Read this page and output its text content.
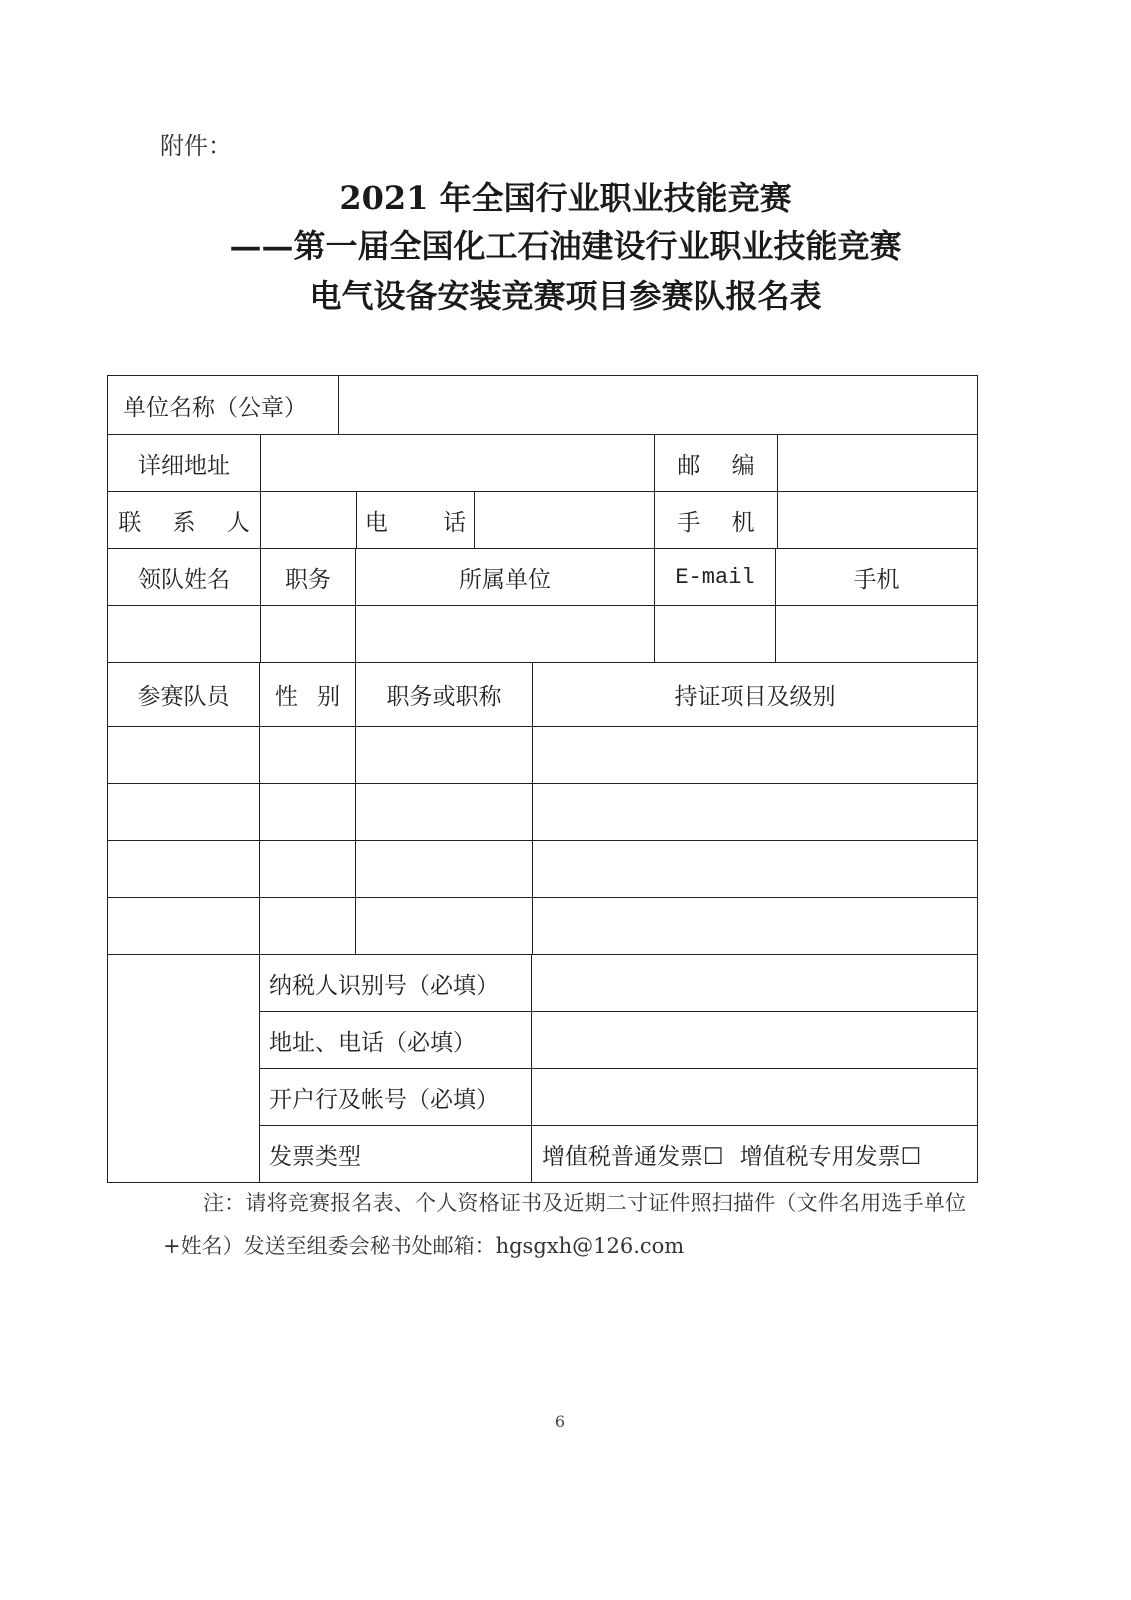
附件：
2021 年全国行业职业技能竞赛
——第一届全国化工石油建设行业职业技能竞赛
电气设备安装竞赛项目参赛队报名表
单位名称（公章）
详细地址	邮 编
联 系 人	电 话	手 机
领队姓名	职务	所属单位	E-mail	手机
参赛队员	性 别	职务或职称	持证项目及级别
纳税人识别号（必填）
地址、电话（必填）
开户行及帐号（必填）
发票类型	增值税普通发票☐ 增值税专用发票☐
注：请将竞赛报名表、个人资格证书及近期二寸证件照扫描件（文件名用选手单位
+姓名）发送至组委会秘书处邮箱：hgsgxh@126.com
6
